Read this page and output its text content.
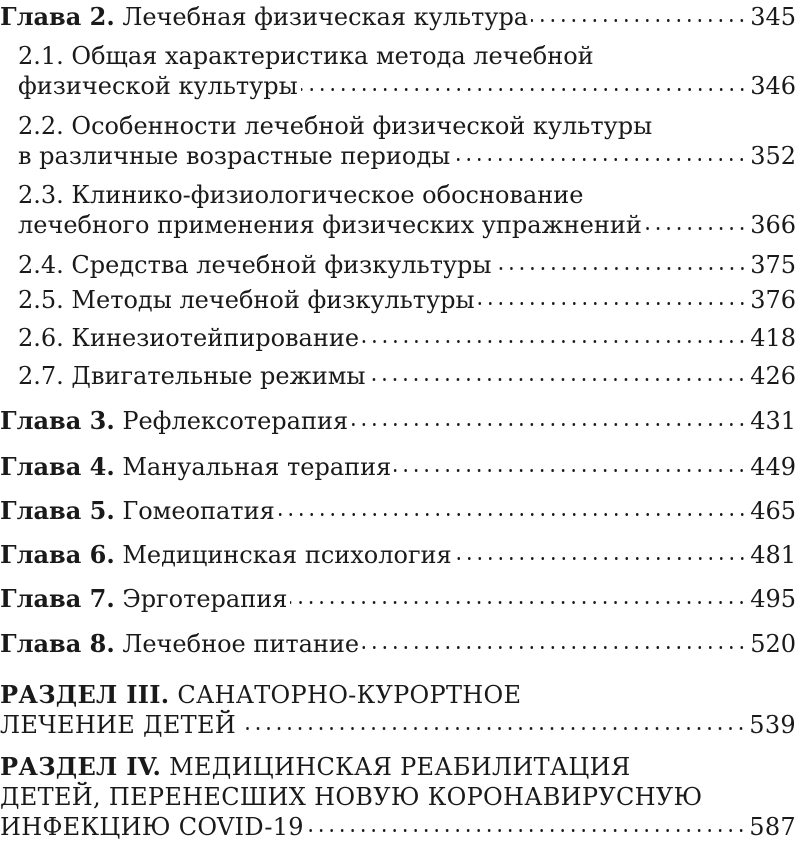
Глава 2. Лечебная физическая культура	345
2.1. Общая характеристика метода лечебной
физической культуры	346
2.2. Особенности лечебной физической культуры
в различные возрастные периоды	352
2.3. Клинико-физиологическое обоснование
лечебного применения физических упражнений	366
2.4. Средства лечебной физкультуры	375
2.5. Методы лечебной физкультуры	376
2.6. Кинезиотейпирование	418
2.7. Двигательные режимы	426
Глава 3. Рефлексотерапия	431
Глава 4. Мануальная терапия	449
Глава 5. Гомеопатия	465
Глава 6. Медицинская психология	481
Глава 7. Эрготерапия	495
Глава 8. Лечебное питание	520
РАЗДЕЛ III. САНАТОРНО-КУРОРТНОЕ
ЛЕЧЕНИЕ ДЕТЕЙ	539
РАЗДЕЛ IV. МЕДИЦИНСКАЯ РЕАБИЛИТАЦИЯ
ДЕТЕЙ, ПЕРЕНЕСШИХ НОВУЮ КОРОНАВИРУСНУЮ
ИНФЕКЦИЮ COVID-19	587
